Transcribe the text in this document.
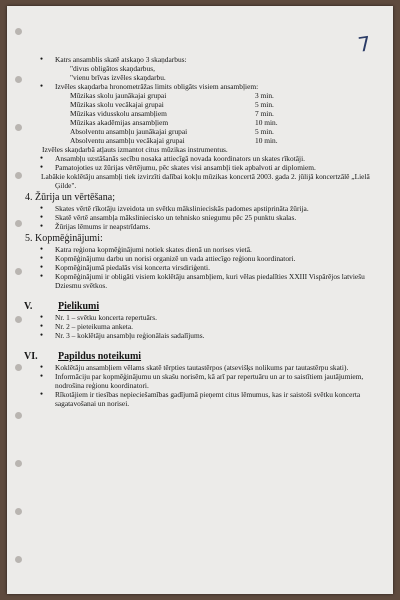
7
● Katrs ansamblis skatē atskaņo 3 skaņdarbus:
"divus obligātos skaņdarbus,
"vienu brīvas izvēles skaņdarbu.
● Izvēles skaņdarba hronometrāžas limits obligāts visiem ansambļiem:
Mūzikas skolu jaunākajai grupai	3 min.
Mūzikas skolu vecākajai grupai	5 min.
Mūzikas vidusskolu ansambļiem	7 min.
Mūzikas akadēmijas ansambļiem	10 min.
Absolventu ansambļu jaunākajai grupai	5 min.
Absolventu ansambļu vecākajai grupai	10 min.
Izvēles skaņdarbā atļauts izmantot citus mūzikas instrumentus.
● Ansambļu uzstāšanās secību nosaka attiecīgā novada koordinators un skates rīkotāji.
● Pamatojoties uz žūrijas vērtējumu, pēc skates visi ansambļi tiek apbalvoti ar diplomiem.
Labākie koklētāju ansambļi tiek izvirzīti dalībai kokļu mūzikas koncertā 2003. gada 2. jūlijā koncertzālē „Lielā Ģilde".
4. Žūrija un vērtēšana;
● Skates vērtē rīkotāju izveidota un svētku mākslinieciskās padomes apstiprināta žūrija.
● Skatē vērtē ansambļa māksliniecisko un tehnisko sniegumu pēc 25 punktu skalas.
● Žūrijas lēmums ir neapstrīdams.
5. Kopmēģinājumi:
● Katra reģiona kopmēģinājumi notiek skates dienā un norises vietā.
● Kopmēģinājumu darbu un norisi organizē un vada attiecīgo reģionu koordinatori.
● Kopmēģinājumā piedalās visi koncerta virsdiriģenti.
● Kopmēģinājumi ir obligāti visiem koklētāju ansambļiem, kuri vēlas piedalīties XXIII Vispārējos latviešu Dziesmu svētkos.
V.	Pielikumi
● Nr. 1 – svētku koncerta repertuārs.
● Nr. 2 – pieteikuma anketa.
● Nr. 3 – koklētāju ansambļu reģionālais sadalījums.
VI.	Papildus noteikumi
● Koklētāju ansambļiem vēlams skatē tērpties tautastērpos (atsevišķs nolikums par tautastērpu skati).
● Informāciju par kopmēģinājumu un skašu norisēm, kā arī par repertuāru un ar to saistītiem jautājumiem, nodrošina reģionu koordinatori.
● Rīkotājiem ir tiesības nepieciešamības gadījumā pieņemt citus lēmumus, kas ir saistoši svētku koncerta sagatavošanai un norisei.
